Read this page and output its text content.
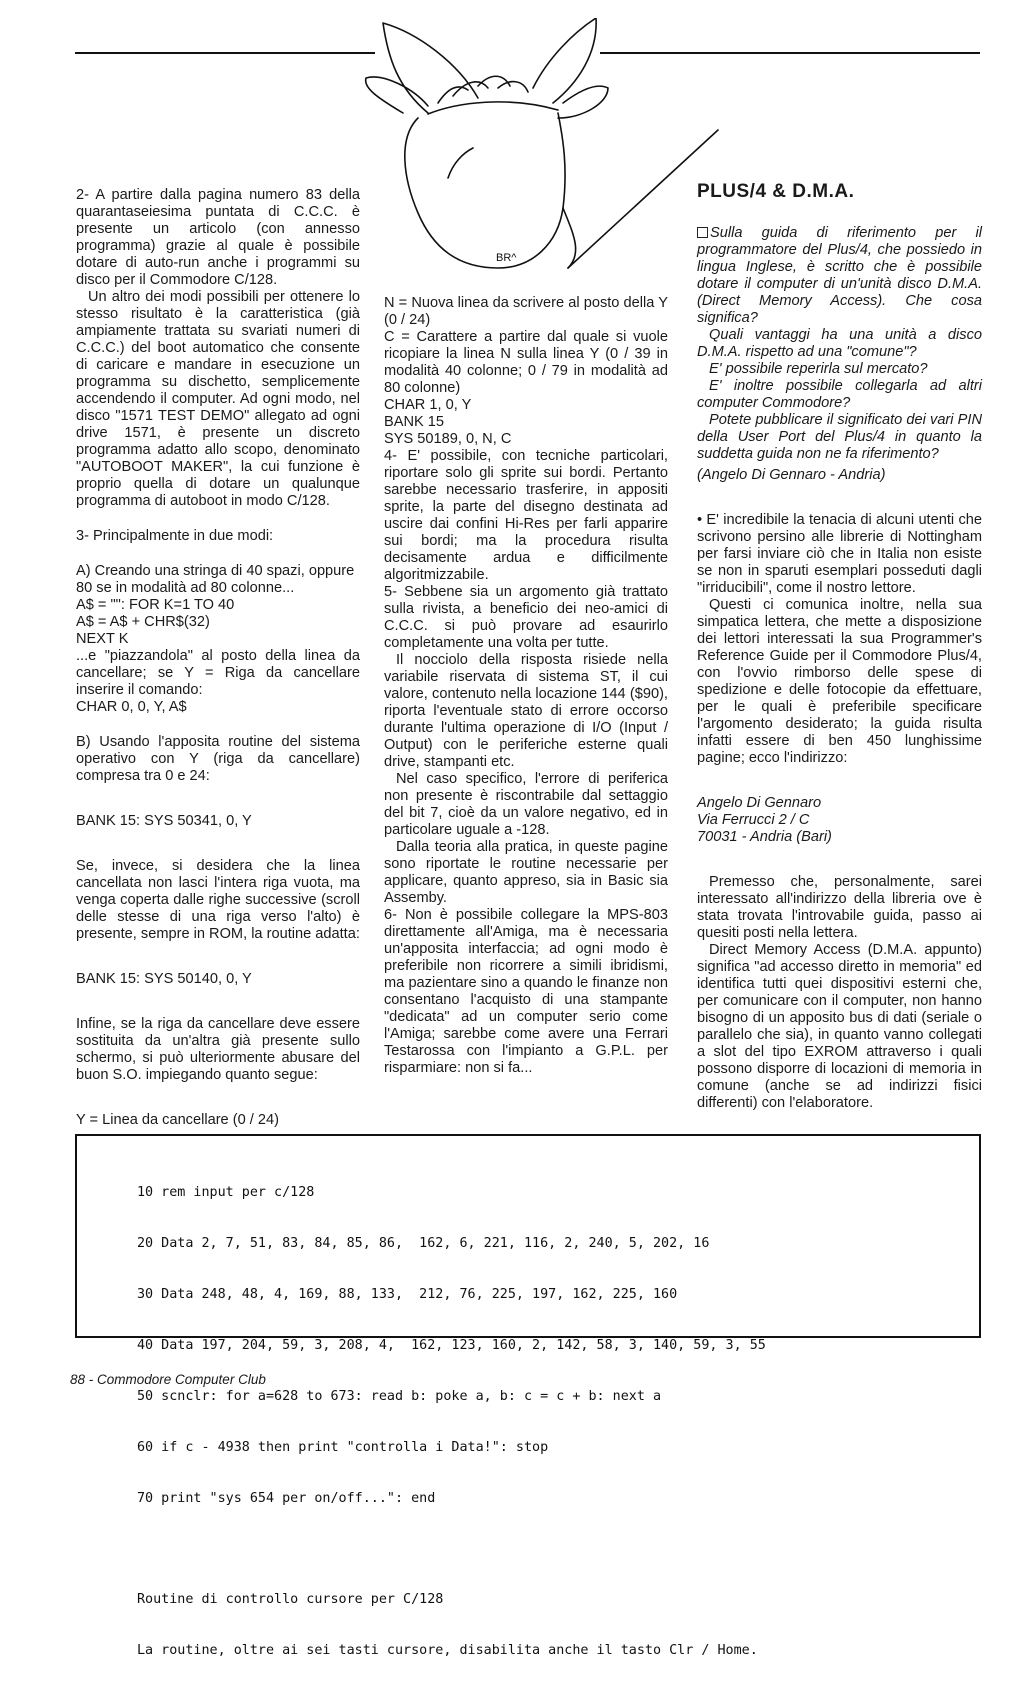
BR^

2- A partire dalla pagina numero 83 della quarantaseiesima puntata di C.C.C. è presente un articolo (con annesso programma) grazie al quale è possibile dotare di auto-run anche i programmi su disco per il Commodore C/128.

Un altro dei modi possibili per ottenere lo stesso risultato è la caratteristica (già ampiamente trattata su svariati numeri di C.C.C.) del boot automatico che consente di caricare e mandare in esecuzione un programma su dischetto, semplicemente accendendo il computer. Ad ogni modo, nel disco "1571 TEST DEMO" allegato ad ogni drive 1571, è presente un discreto programma adatto allo scopo, denominato "AUTOBOOT MAKER", la cui funzione è proprio quella di dotare un qualunque programma di autoboot in modo C/128.

3- Principalmente in due modi:

A) Creando una stringa di 40 spazi, oppure 80 se in modalità ad 80 colonne...

A$ = "": FOR K=1 TO 40

A$ = A$ + CHR$(32)

NEXT K

...e "piazzandola" al posto della linea da cancellare; se Y = Riga da cancellare inserire il comando:

CHAR 0, 0, Y, A$

B) Usando l'apposita routine del sistema operativo con Y (riga da cancellare) compresa tra 0 e 24:

BANK 15: SYS 50341, 0, Y

Se, invece, si desidera che la linea cancellata non lasci l'intera riga vuota, ma venga coperta dalle righe successive (scroll delle stesse di una riga verso l'alto) è presente, sempre in ROM, la routine adatta:

BANK 15: SYS 50140, 0, Y

Infine, se la riga da cancellare deve essere sostituita da un'altra già presente sullo schermo, si può ulteriormente abusare del buon S.O. impiegando quanto segue:

Y = Linea da cancellare (0 / 24)

N = Nuova linea da scrivere al posto della Y (0 / 24)

C = Carattere a partire dal quale si vuole ricopiare la linea N sulla linea Y (0 / 39 in modalità 40 colonne; 0 / 79 in modalità ad 80 colonne)

CHAR 1, 0, Y

BANK 15

SYS 50189, 0, N, C

4- E' possibile, con tecniche particolari, riportare solo gli sprite sui bordi. Pertanto sarebbe necessario trasferire, in appositi sprite, la parte del disegno destinata ad uscire dai confini Hi-Res per farli apparire sui bordi; ma la procedura risulta decisamente ardua e difficilmente algoritmizzabile.

5- Sebbene sia un argomento già trattato sulla rivista, a beneficio dei neo-amici di C.C.C. si può provare ad esaurirlo completamente una volta per tutte.

Il nocciolo della risposta risiede nella variabile riservata di sistema ST, il cui valore, contenuto nella locazione 144 ($90), riporta l'eventuale stato di errore occorso durante l'ultima operazione di I/O (Input / Output) con le periferiche esterne quali drive, stampanti etc.

Nel caso specifico, l'errore di periferica non presente è riscontrabile dal settaggio del bit 7, cioè da un valore negativo, ed in particolare uguale a -128.

Dalla teoria alla pratica, in queste pagine sono riportate le routine necessarie per applicare, quanto appreso, sia in Basic sia Assemby.

6- Non è possibile collegare la MPS-803 direttamente all'Amiga, ma è necessaria un'apposita interfaccia; ad ogni modo è preferibile non ricorrere a simili ibridismi, ma pazientare sino a quando le finanze non consentano l'acquisto di una stampante "dedicata" ad un computer serio come l'Amiga; sarebbe come avere una Ferrari Testarossa con l'impianto a G.P.L. per risparmiare: non si fa...

PLUS/4 & D.M.A.

Sulla guida di riferimento per il programmatore del Plus/4, che possiedo in lingua Inglese, è scritto che è possibile dotare il computer di un'unità disco D.M.A. (Direct Memory Access). Che cosa significa?

Quali vantaggi ha una unità a disco D.M.A. rispetto ad una "comune"?

E' possibile reperirla sul mercato?

E' inoltre possibile collegarla ad altri computer Commodore?

Potete pubblicare il significato dei vari PIN della User Port del Plus/4 in quanto la suddetta guida non ne fa riferimento?

(Angelo Di Gennaro - Andria)

• E' incredibile la tenacia di alcuni utenti che scrivono persino alle librerie di Nottingham per farsi inviare ciò che in Italia non esiste se non in sparuti esemplari posseduti dagli "irriducibili", come il nostro lettore.

Questi ci comunica inoltre, nella sua simpatica lettera, che mette a disposizione dei lettori interessati la sua Programmer's Reference Guide per il Commodore Plus/4, con l'ovvio rimborso delle spese di spedizione e delle fotocopie da effettuare, per le quali è preferibile specificare l'argomento desiderato; la guida risulta infatti essere di ben 450 lunghissime pagine; ecco l'indirizzo:

Angelo Di Gennaro

Via Ferrucci 2 / C

70031 - Andria (Bari)

Premesso che, personalmente, sarei interessato all'indirizzo della libreria ove è stata trovata l'introvabile guida, passo ai quesiti posti nella lettera.

Direct Memory Access (D.M.A. appunto) significa "ad accesso diretto in memoria" ed identifica tutti quei dispositivi esterni che, per comunicare con il computer, non hanno bisogno di un apposito bus di dati (seriale o parallelo che sia), in quanto vanno collegati a slot del tipo EXROM attraverso i quali possono disporre di locazioni di memoria in comune (anche se ad indirizzi fisici differenti) con l'elaboratore.

10 rem input per c/128

20 Data 2, 7, 51, 83, 84, 85, 86,  162, 6, 221, 116, 2, 240, 5, 202, 16

30 Data 248, 48, 4, 169, 88, 133,  212, 76, 225, 197, 162, 225, 160

40 Data 197, 204, 59, 3, 208, 4,  162, 123, 160, 2, 142, 58, 3, 140, 59, 3, 55

50 scnclr: for a=628 to 673: read b: poke a, b: c = c + b: next a

60 if c - 4938 then print "controlla i Data!": stop

70 print "sys 654 per on/off...": end

Routine di controllo cursore per C/128

La routine, oltre ai sei tasti cursore, disabilita anche il tasto Clr / Home.

88 - Commodore Computer Club
